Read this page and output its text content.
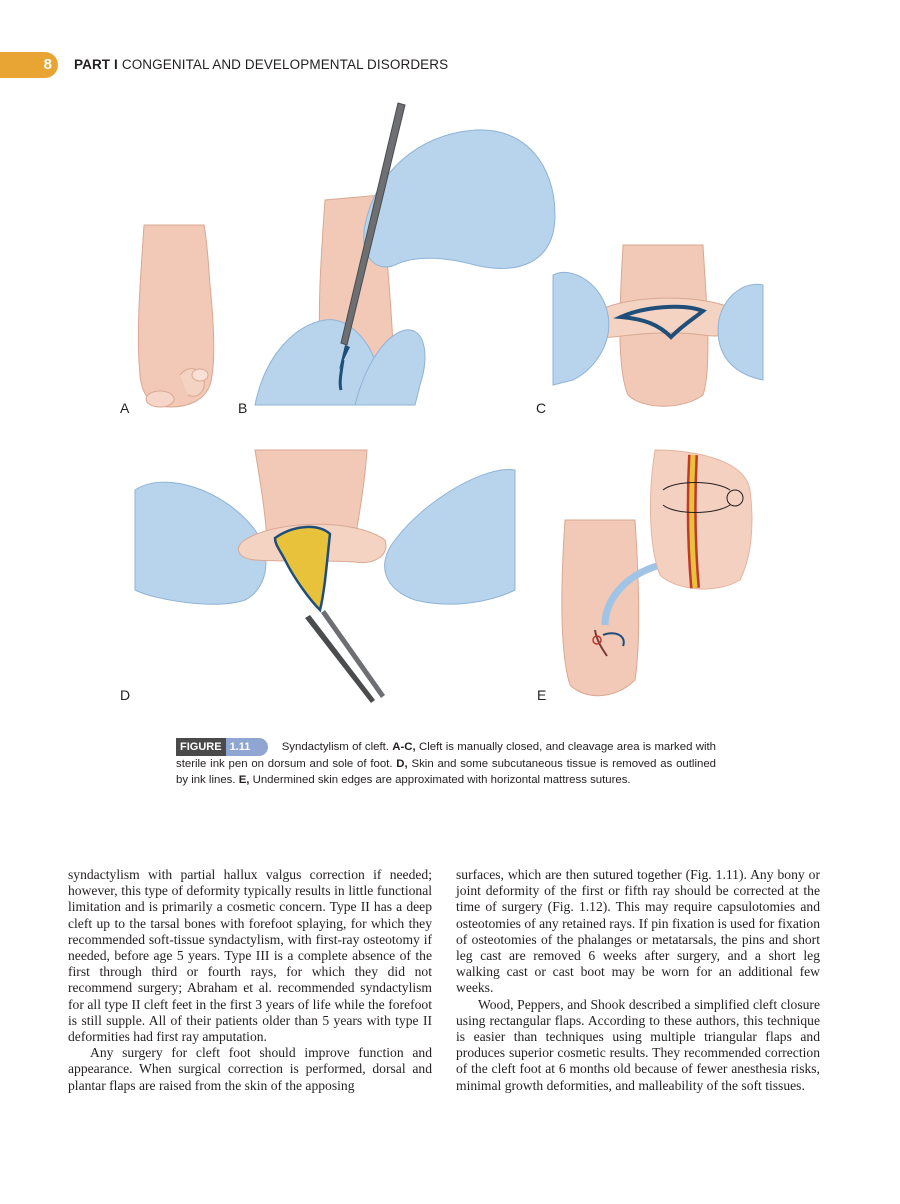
8	PART I CONGENITAL AND DEVELOPMENTAL DISORDERS
A	B	C
D	E
FIGURE 1.11	Syndactylism of cleft. A-C, Cleft is manually closed, and cleavage area is marked with sterile ink pen on dorsum and sole of foot. D, Skin and some subcutaneous tissue is removed as outlined by ink lines. E, Undermined skin edges are approximated with horizontal mattress sutures.

syndactylism with partial hallux valgus correction if needed; however, this type of deformity typically results in little functional limitation and is primarily a cosmetic concern. Type II has a deep cleft up to the tarsal bones with forefoot splaying, for which they recommended soft-tissue syndactylism, with first-ray osteotomy if needed, before age 5 years. Type III is a complete absence of the first through third or fourth rays, for which they did not recommend surgery; Abraham et al. recommended syndactylism for all type II cleft feet in the first 3 years of life while the forefoot is still supple. All of their patients older than 5 years with type II deformities had first ray amputation.

Any surgery for cleft foot should improve function and appearance. When surgical correction is performed, dorsal and plantar flaps are raised from the skin of the apposing

surfaces, which are then sutured together (Fig. 1.11). Any bony or joint deformity of the first or fifth ray should be corrected at the time of surgery (Fig. 1.12). This may require capsulotomies and osteotomies of any retained rays. If pin fixation is used for fixation of osteotomies of the phalanges or metatarsals, the pins and short leg cast are removed 6 weeks after surgery, and a short leg walking cast or cast boot may be worn for an additional few weeks.

Wood, Peppers, and Shook described a simplified cleft closure using rectangular flaps. According to these authors, this technique is easier than techniques using multiple triangular flaps and produces superior cosmetic results. They recommended correction of the cleft foot at 6 months old because of fewer anesthesia risks, minimal growth deformities, and malleability of the soft tissues.
